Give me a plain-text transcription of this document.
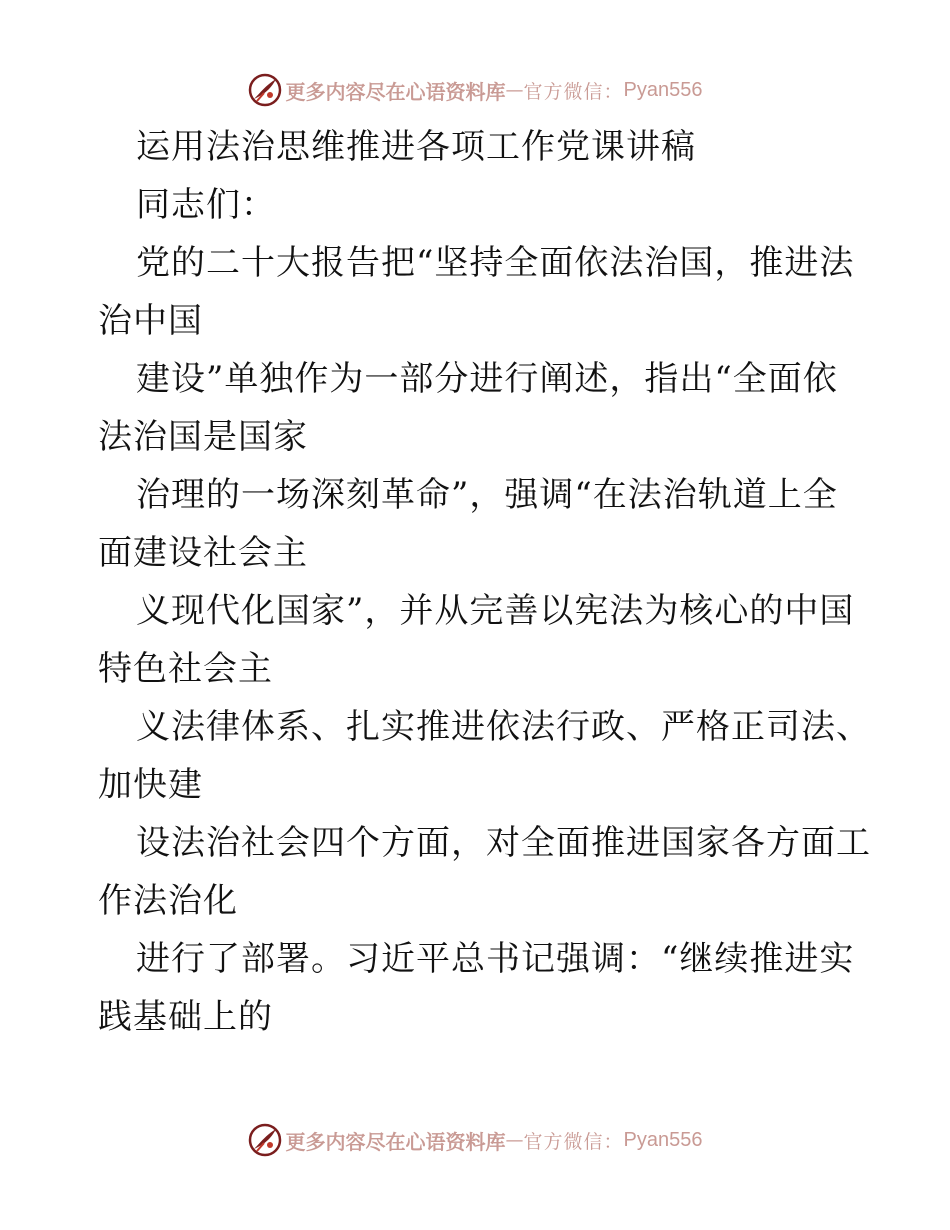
更多内容尽在心语资料库 — 官方微信： Pyan556
运用法治思维推进各项工作党课讲稿
同志们：
党的二十大报告把“坚持全面依法治国，推进法
治中国
建设”单独作为一部分进行阐述，指出“全面依
法治国是国家
治理的一场深刻革命”，强调“在法治轨道上全
面建设社会主
义现代化国家”，并从完善以宪法为核心的中国
特色社会主
义法律体系、扎实推进依法行政、严格正司法、
加快建
设法治社会四个方面，对全面推进国家各方面工
作法治化
进行了部署。习近平总书记强调：“继续推进实
践基础上的
更多内容尽在心语资料库 — 官方微信： Pyan556
